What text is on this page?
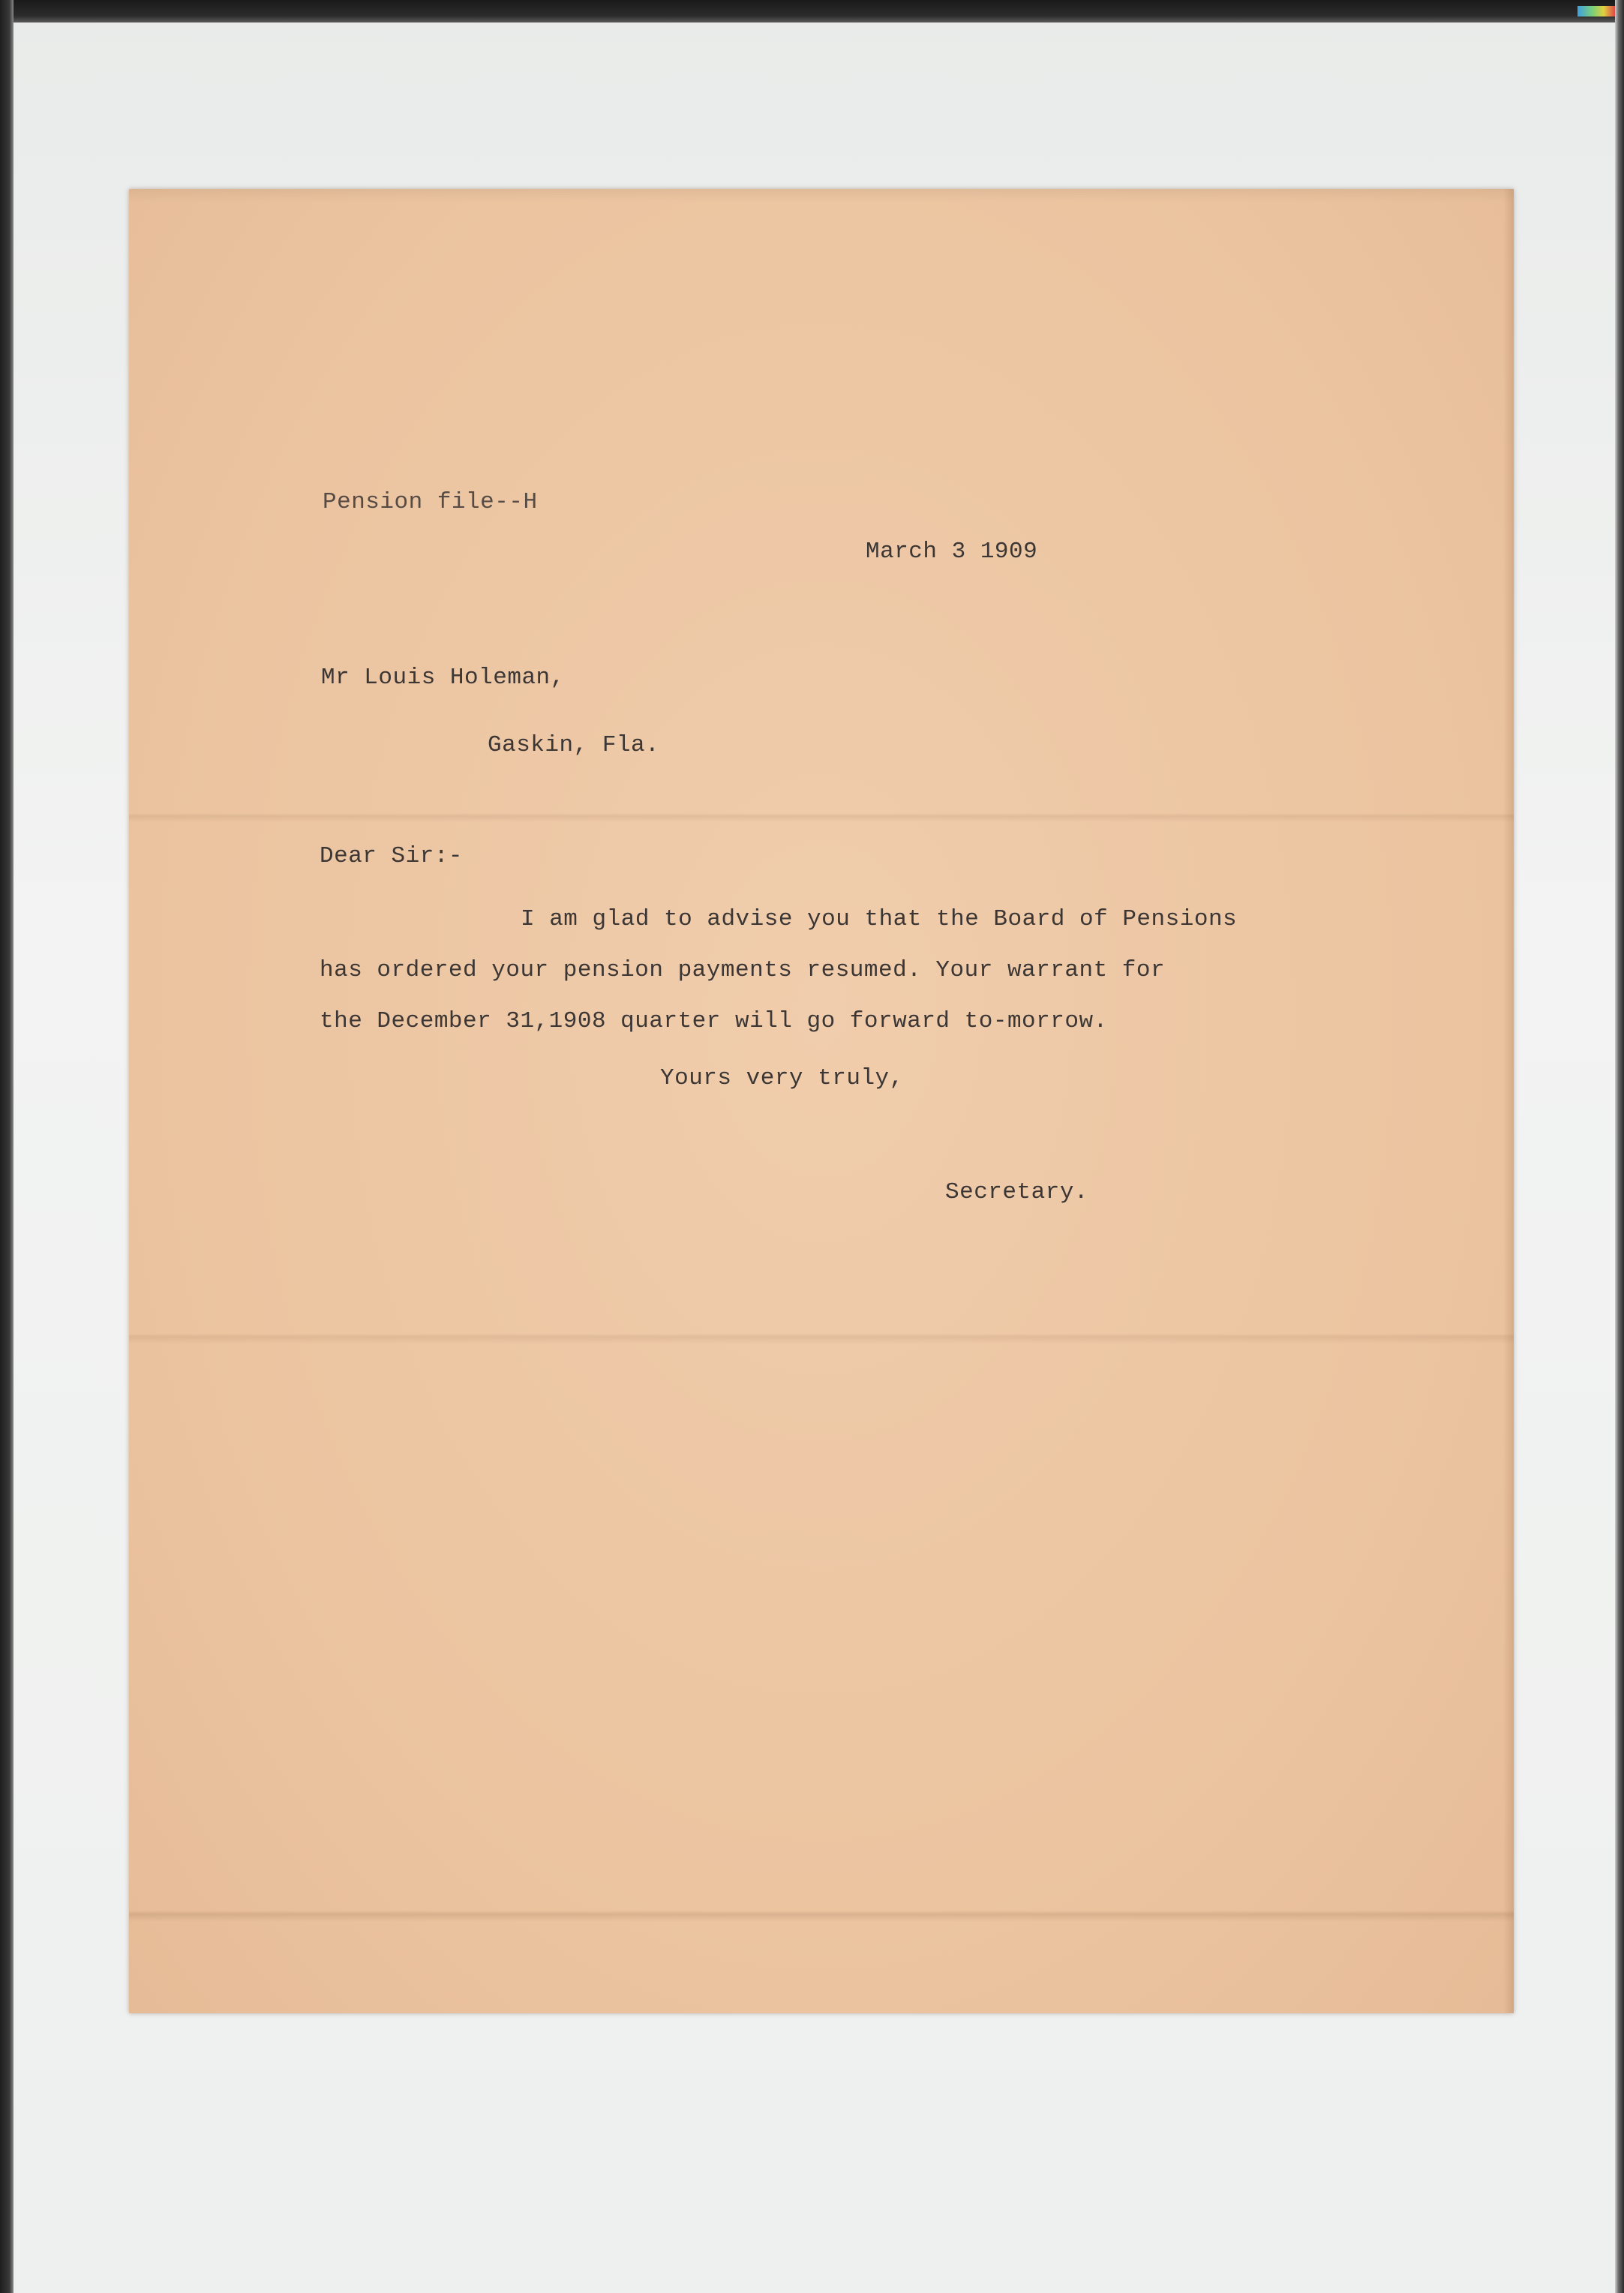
Pension file--H
March 3 1909
Mr Louis Holeman,
Gaskin, Fla.
Dear Sir:-
I am glad to advise you that the Board of Pensions
has ordered your pension payments resumed. Your warrant for
the December 31,1908 quarter will go forward to-morrow.
Yours very truly,
Secretary.
